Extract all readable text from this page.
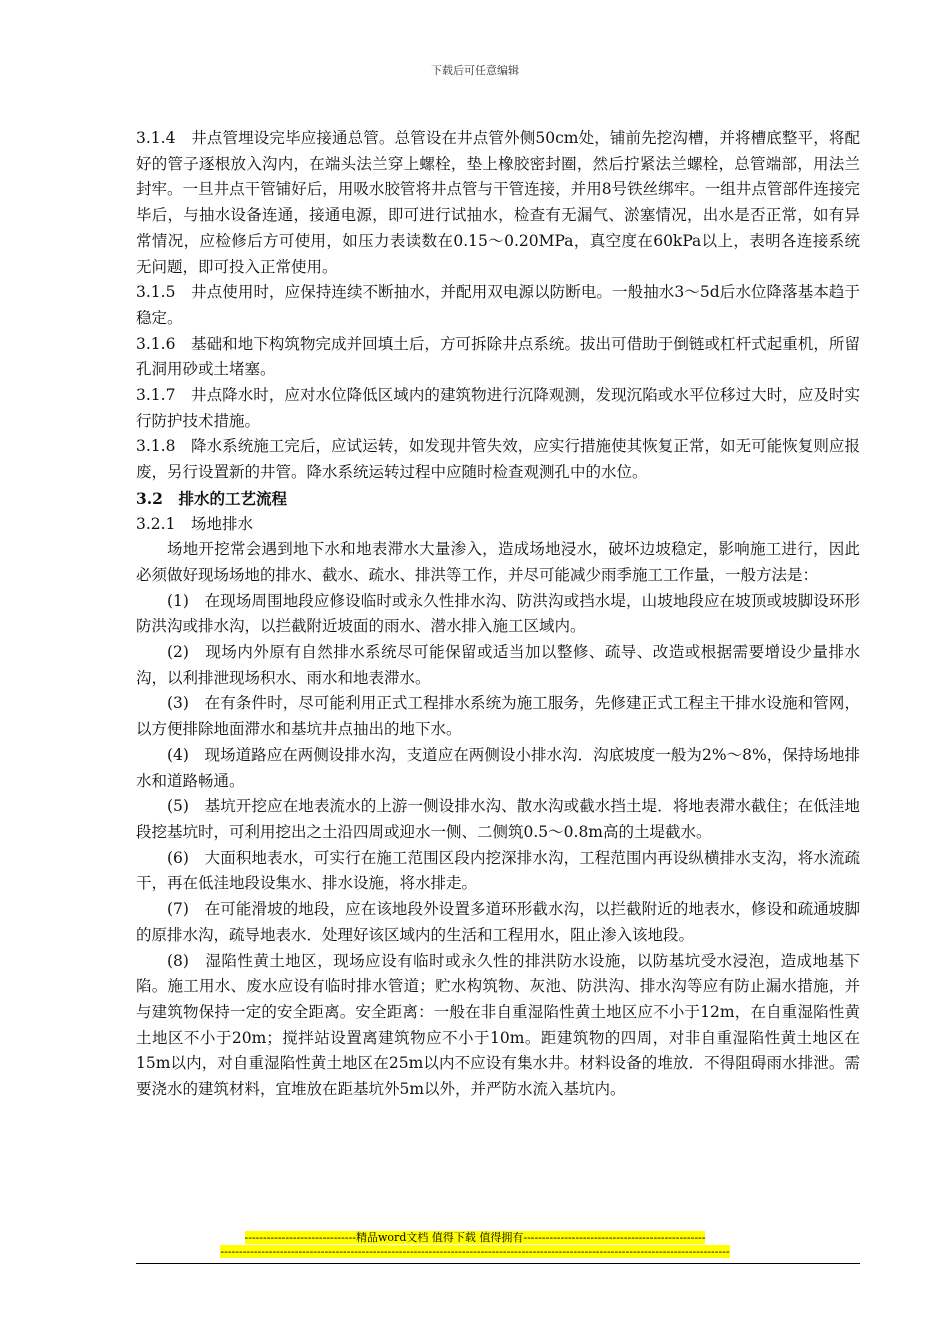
下载后可任意编辑

3.1.4　井点管埋设完毕应接通总管。总管设在井点管外侧50cm处，铺前先挖沟槽，并将槽底整平，将配好的管子逐根放入沟内，在端头法兰穿上螺栓，垫上橡胶密封圈，然后拧紧法兰螺栓，总管端部，用法兰封牢。一旦井点干管铺好后，用吸水胶管将井点管与干管连接，并用8号铁丝绑牢。一组井点管部件连接完毕后，与抽水设备连通，接通电源，即可进行试抽水，检查有无漏气、淤塞情况，出水是否正常，如有异常情况，应检修后方可使用，如压力表读数在0.15～0.20MPa，真空度在60kPa以上，表明各连接系统无问题，即可投入正常使用。

3.1.5　井点使用时，应保持连续不断抽水，并配用双电源以防断电。一般抽水3～5d后水位降落基本趋于稳定。

3.1.6　基础和地下构筑物完成并回填土后，方可拆除井点系统。拔出可借助于倒链或杠杆式起重机，所留孔洞用砂或土堵塞。

3.1.7　井点降水时，应对水位降低区域内的建筑物进行沉降观测，发现沉陷或水平位移过大时，应及时实行防护技术措施。

3.1.8　降水系统施工完后，应试运转，如发现井管失效，应实行措施使其恢复正常，如无可能恢复则应报废，另行设置新的井管。降水系统运转过程中应随时检查观测孔中的水位。

3.2　排水的工艺流程

3.2.1　场地排水

场地开挖常会遇到地下水和地表滞水大量渗入，造成场地浸水，破坏边坡稳定，影响施工进行，因此必须做好现场场地的排水、截水、疏水、排洪等工作，并尽可能减少雨季施工工作量，一般方法是：

(1)　在现场周围地段应修设临时或永久性排水沟、防洪沟或挡水堤，山坡地段应在坡顶或坡脚设环形防洪沟或排水沟，以拦截附近坡面的雨水、潜水排入施工区域内。

(2)　现场内外原有自然排水系统尽可能保留或适当加以整修、疏导、改造或根据需要增设少量排水沟，以利排泄现场积水、雨水和地表滞水。

(3)　在有条件时，尽可能利用正式工程排水系统为施工服务，先修建正式工程主干排水设施和管网，以方便排除地面滞水和基坑井点抽出的地下水。

(4)　现场道路应在两侧设排水沟，支道应在两侧设小排水沟．沟底坡度一般为2%～8%，保持场地排水和道路畅通。

(5)　基坑开挖应在地表流水的上游一侧设排水沟、散水沟或截水挡土堤．将地表滞水截住；在低洼地段挖基坑时，可利用挖出之土沿四周或迎水一侧、二侧筑0.5～0.8m高的土堤截水。

(6)　大面积地表水，可实行在施工范围区段内挖深排水沟，工程范围内再设纵横排水支沟，将水流疏干，再在低洼地段设集水、排水设施，将水排走。

(7)　在可能滑坡的地段，应在该地段外设置多道环形截水沟，以拦截附近的地表水，修设和疏通坡脚的原排水沟，疏导地表水．处理好该区域内的生活和工程用水，阻止渗入该地段。

(8)　湿陷性黄土地区，现场应设有临时或永久性的排洪防水设施，以防基坑受水浸泡，造成地基下陷。施工用水、废水应设有临时排水管道；贮水构筑物、灰池、防洪沟、排水沟等应有防止漏水措施，并与建筑物保持一定的安全距离。安全距离：一般在非自重湿陷性黄土地区应不小于12m，在自重湿陷性黄土地区不小于20m；搅拌站设置离建筑物应不小于10m。距建筑物的四周，对非自重湿陷性黄土地区在15m以内，对自重湿陷性黄土地区在25m以内不应设有集水井。材料设备的堆放．不得阻碍雨水排泄。需要浇水的建筑材料，宜堆放在距基坑外5m以外，并严防水流入基坑内。

------------------------------精品word文档 值得下载 值得拥有-------------------------------------------------
-----------------------------------------------------------------------------------------------------------------------------------------
